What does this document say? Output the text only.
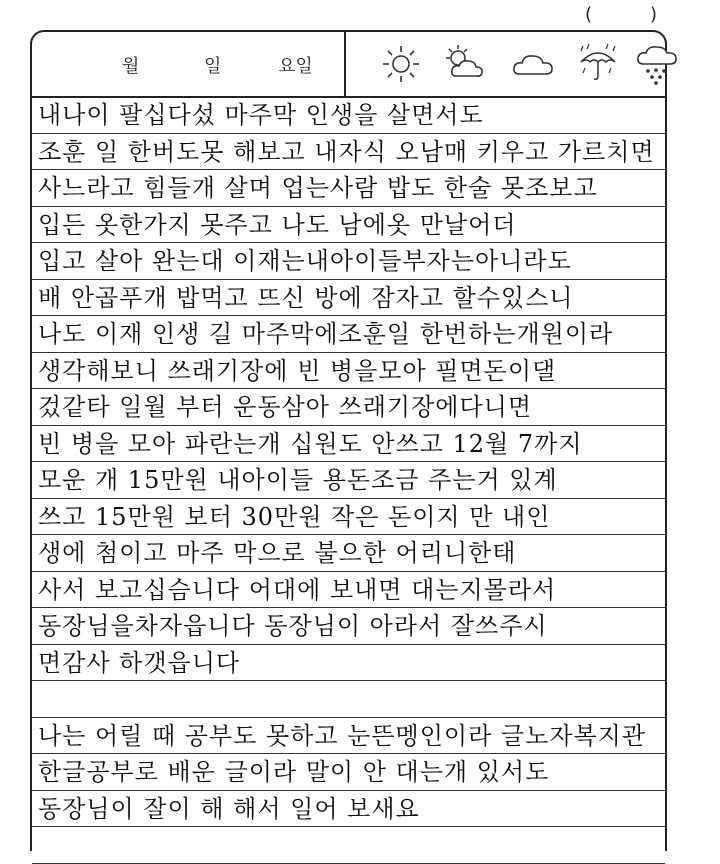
(	)
월	일	요일
내나이 팔십다섰 마주막 인생을 살면서도
조훈 일 한버도못 해보고 내자식 오남매 키우고 가르치면
사느라고 힘들개 살며 업는사람 밥도 한술 못조보고
입든 옷한가지 못주고 나도 남에옷 만날어더
입고 살아 완는대 이재는내아이들부자는아니라도
배 안곱푸개 밥먹고 뜨신 방에 잠자고 할수있스니
나도 이재 인생 길 마주막에조훈일 한번하는개원이라
생각해보니 쓰래기장에 빈 병을모아 필면돈이댈
겄같타 일월 부터 운동삼아 쓰래기장에다니면
빈 병을 모아 파란는개 십원도 안쓰고 12월 7까지
모운 개 15만원 내아이들 용돈조금 주는거 있계
쓰고 15만원 보터 30만원 작은 돈이지 만 내인
생에 첨이고 마주 막으로 불으한 어리니한태
사서 보고십슴니다 어대에 보내면 대는지몰라서
동장님을차자읍니다 동장님이 아라서 잘쓰주시
면감사 하갯읍니다
나는 어릴 때 공부도 못하고 눈뜬멩인이라 글노자복지관
한글공부로 배운 글이라 말이 안 대는개 있서도
동장님이 잘이 해 해서 일어 보새요
